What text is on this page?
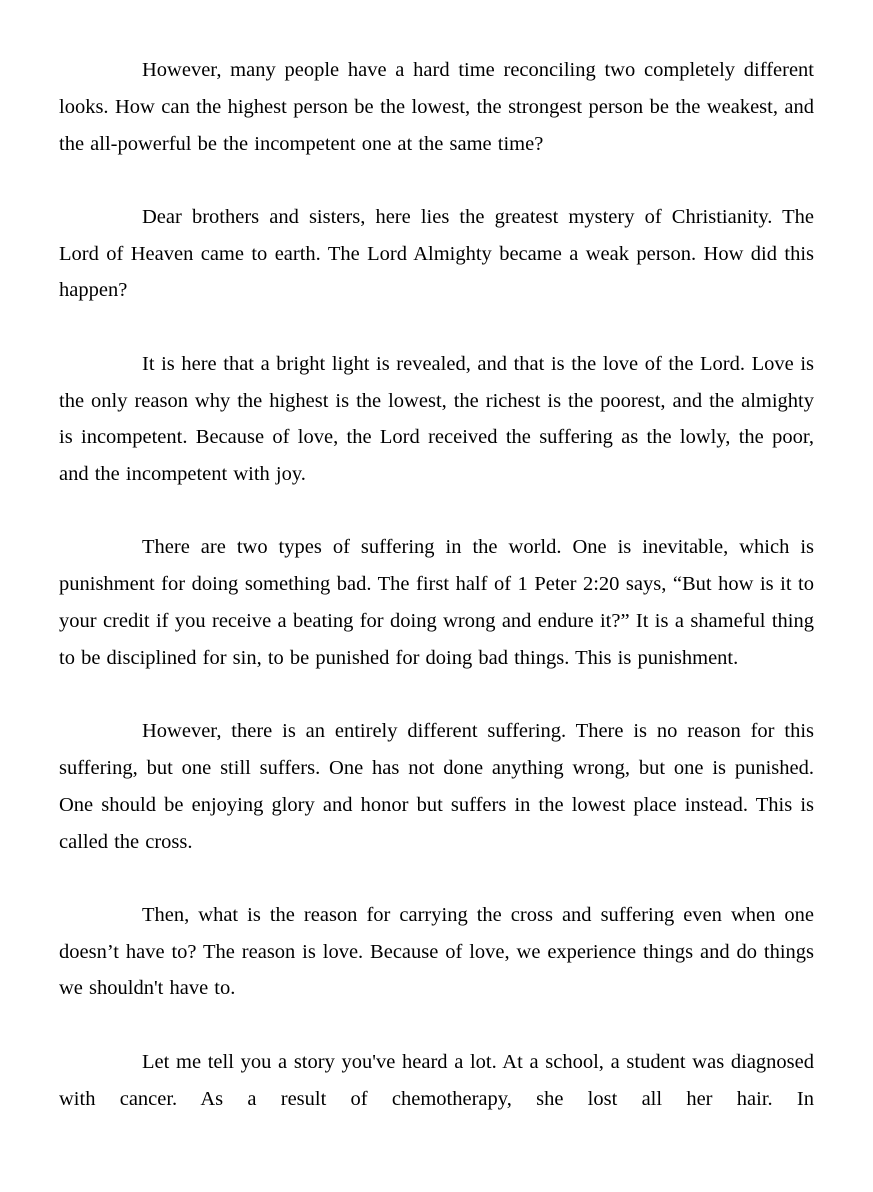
However, many people have a hard time reconciling two completely different looks. How can the highest person be the lowest, the strongest person be the weakest, and the all-powerful be the incompetent one at the same time?

Dear brothers and sisters, here lies the greatest mystery of Christianity. The Lord of Heaven came to earth. The Lord Almighty became a weak person. How did this happen?

It is here that a bright light is revealed, and that is the love of the Lord. Love is the only reason why the highest is the lowest, the richest is the poorest, and the almighty is incompetent. Because of love, the Lord received the suffering as the lowly, the poor, and the incompetent with joy.

There are two types of suffering in the world. One is inevitable, which is punishment for doing something bad. The first half of 1 Peter 2:20 says, “But how is it to your credit if you receive a beating for doing wrong and endure it?” It is a shameful thing to be disciplined for sin, to be punished for doing bad things. This is punishment.

However, there is an entirely different suffering. There is no reason for this suffering, but one still suffers. One has not done anything wrong, but one is punished. One should be enjoying glory and honor but suffers in the lowest place instead. This is called the cross.

Then, what is the reason for carrying the cross and suffering even when one doesn’t have to? The reason is love. Because of love, we experience things and do things we shouldn't have to.

Let me tell you a story you've heard a lot. At a school, a student was diagnosed with cancer. As a result of chemotherapy, she lost all her hair. In
